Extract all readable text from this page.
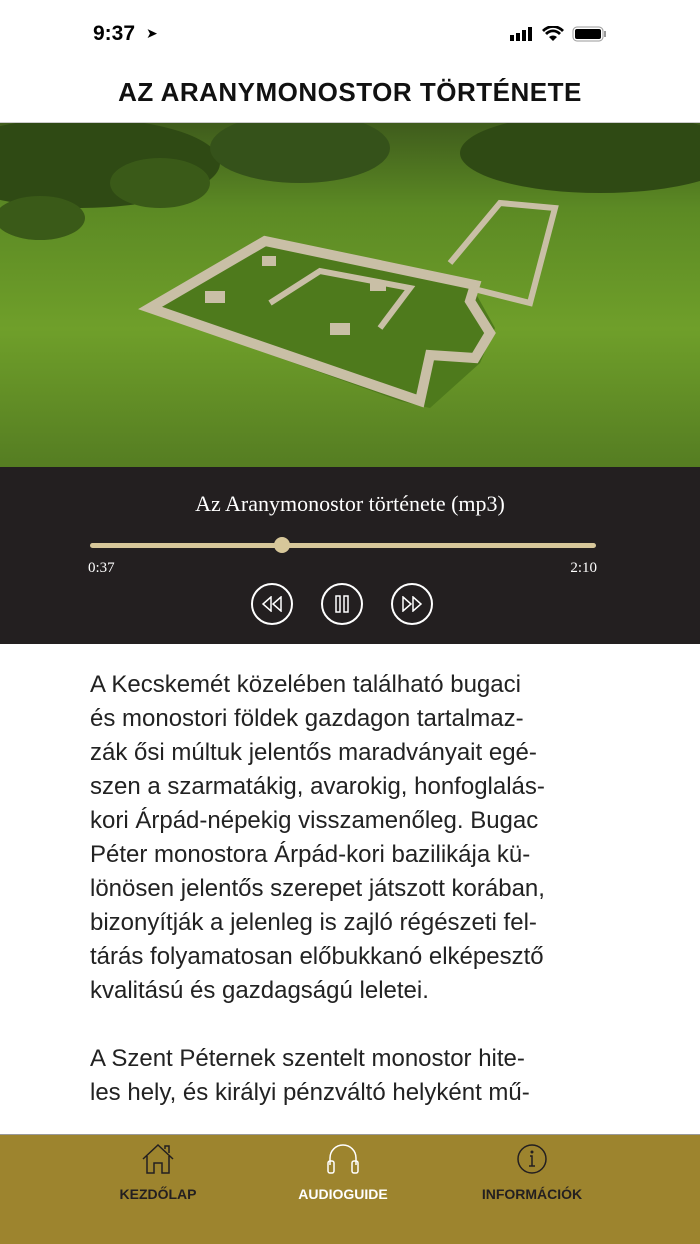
9:37 ➤
AZ ARANYMONOSTOR TÖRTÉNETE
Az Aranymonostor története (mp3)
0:37	2:10

A Kecskemét közelében található bugaci
és monostori földek gazdagon tartalmaz-
zák ősi múltuk jelentős maradványait egé-
szen a szarmatákig, avarokig, honfoglalás-
kori Árpád-népekig visszamenőleg. Bugac
Péter monostora Árpád-kori bazilikája kü-
lönösen jelentős szerepet játszott korában,
bizonyítják a jelenleg is zajló régészeti fel-
tárás folyamatosan előbukkanó elképesztő
kvalitású és gazdagságú leletei.

A Szent Péternek szentelt monostor hite-
les hely, és királyi pénzváltó helyként mű-

KEZDŐLAP	AUDIOGUIDE	INFORMÁCIÓK
